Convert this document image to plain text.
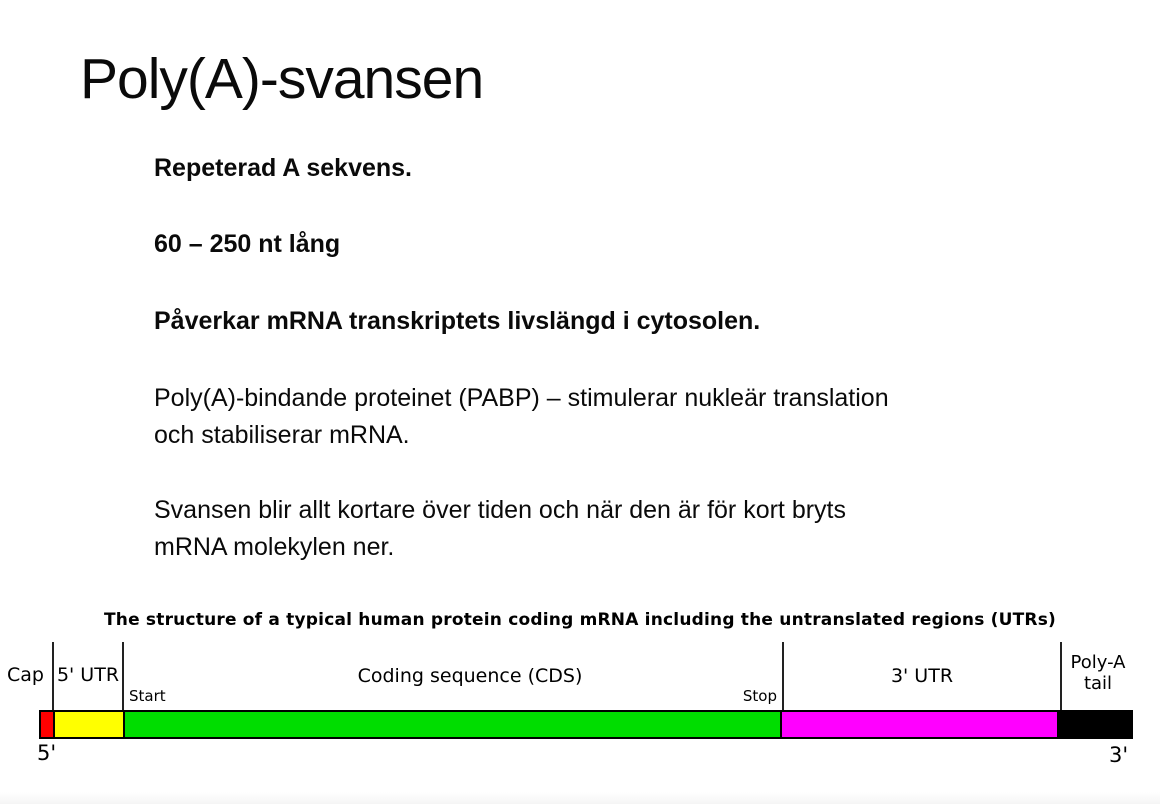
Poly(A)-svansen
Repeterad A sekvens.
60 – 250 nt lång
Påverkar mRNA transkriptets livslängd i cytosolen.
Poly(A)-bindande proteinet (PABP) – stimulerar nukleär translation
och stabiliserar mRNA.
Svansen blir allt kortare över tiden och när den är för kort bryts
mRNA molekylen ner.
The structure of a typical human protein coding mRNA including the untranslated regions (UTRs)
Cap 5' UTR
Start
Coding sequence (CDS)
Stop
3' UTR
Poly-A
tail
5'	3'
